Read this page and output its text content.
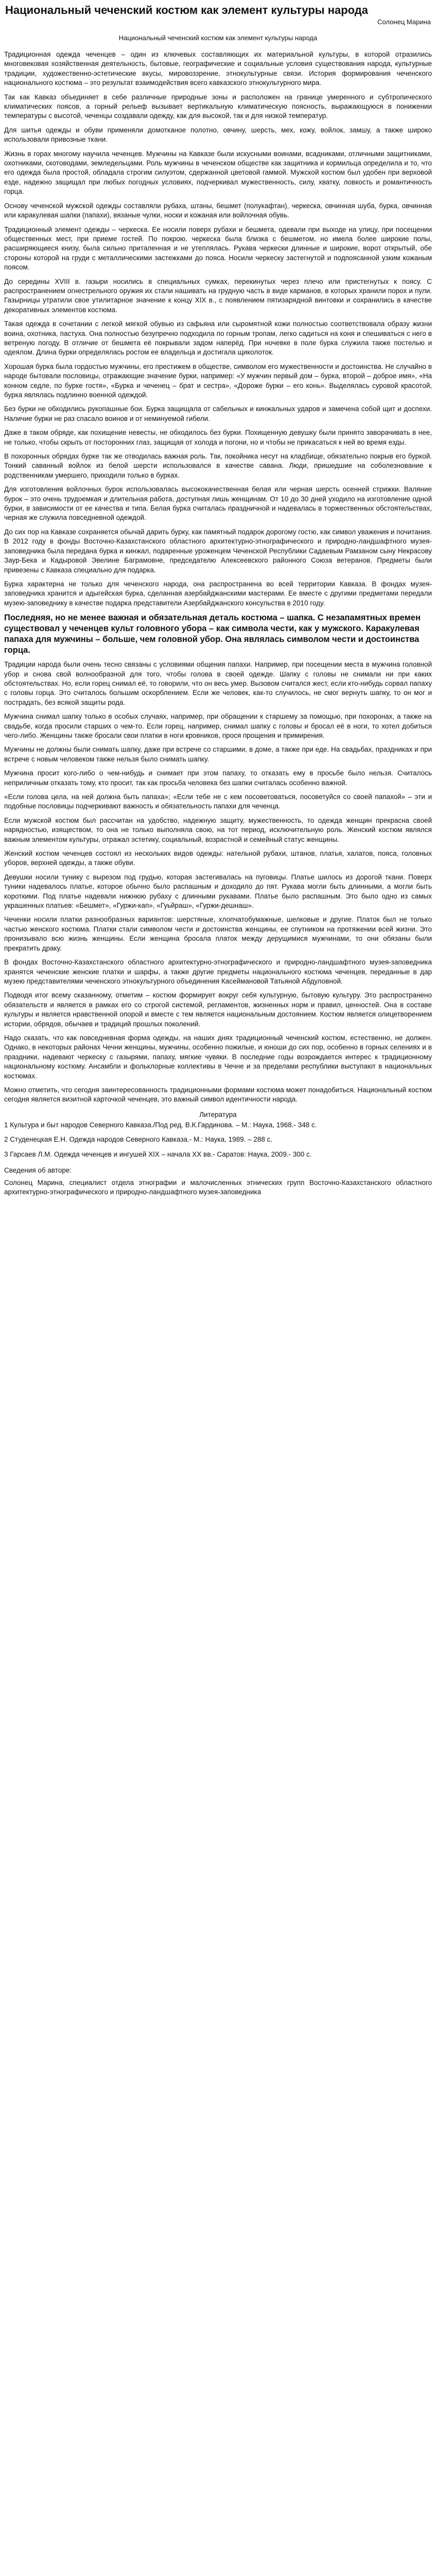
Национальный чеченский костюм как элемент культуры народа
Солонец Марина
Национальный чеченский костюм как элемент культуры народа

Традиционная одежда чеченцев – один из ключевых составляющих их материальной культуры, в которой отразились многовековая хозяйственная деятельность, бытовые, географические и социальные условия существования народа, культурные традиции, художественно-эстетические вкусы, мировоззрение, этнокультурные связи. История формирования чеченского национального костюма – это результат взаимодействия всего кавказского этнокультурного мира.

Так как Кавказ объединяет в себе различные природные зоны и расположен на границе умеренного и субтропического климатических поясов, а горный рельеф вызывает вертикальную климатическую поясность, выражающуюся в понижении температуры с высотой, чеченцы создавали одежду, как для высокой, так и для низкой температур.

Для шитья одежды и обуви применяли домотканое полотно, овчину, шерсть, мех, кожу, войлок, замшу, а также широко использовали привозные ткани.

Жизнь в горах многому научила чеченцев. Мужчины на Кавказе были искусными воинами, всадниками, отличными защитниками, охотниками, скотоводами, земледельцами. Роль мужчины в чеченском обществе как защитника и кормильца определила и то, что его одежда была простой, обладала строгим силуэтом, сдержанной цветовой гаммой. Мужской костюм был удобен при верховой езде, надежно защищал при любых погодных условиях, подчеркивал мужественность, силу, хватку, ловкость и романтичность горца.

Основу чеченской мужской одежды составляли рубаха, штаны, бешмет (полукафтан), черкеска, овчинная шуба, бурка, овчинная или каракулевая шапки (папахи), вязаные чулки, носки и кожаная или войлочная обувь.

Традиционный элемент одежды – черкеска. Ее носили поверх рубахи и бешмета, одевали при выходе на улицу, при посещении общественных мест, при приеме гостей. По покрою, черкеска была близка с бешметом, но имела более широкие полы, расширяющиеся книзу, была сильно приталенная и не утеплялась. Рукава черкески длинные и широкие, ворот открытый, обе стороны которой на груди с металлическими застежками до пояса. Носили черкеску застегнутой и подпоясанной узким кожаным поясом.

До середины XVIII в. газыри носились в специальных сумках, перекинутых через плечо или пристегнутых к поясу. С распространением огнестрельного оружия их стали нашивать на грудную часть в виде карманов, в которых хранили порох и пули. Газырницы утратили свое утилитарное значение к концу XIX в., с появлением пятизарядной винтовки и сохранились в качестве декоративных элементов костюма.

Такая одежда в сочетании с легкой мягкой обувью из сафьяна или сыромятной кожи полностью соответствовала образу жизни воина, охотника, пастуха. Она полностью безупречно подходила по горным тропам, легко садиться на коня и спешиваться с него в ветреную погоду. В отличие от бешмета её покрывали задом наперёд. При ночевке в поле бурка служила также постелью и одеялом. Длина бурки определялась ростом ее владельца и достигала щиколоток.

Хорошая бурка была гордостью мужчины, его престижем в обществе, символом его мужественности и достоинства. Не случайно в народе бытовали пословицы, отражающие значение бурки, например: «У мужчин первый дом – бурка, второй – доброе имя», «На конном седле, по бурке гостя», «Бурка и чеченец – брат и сестра», «Дороже бурки – его конь». Выделялась суровой красотой, бурка являлась подлинно военной одеждой.

Без бурки не обходились рукопашные бои. Бурка защищала от сабельных и кинжальных ударов и замечена собой щит и доспехи. Наличие бурки не раз спасало воинов и от неминуемой гибели.

Даже в таком обряде, как похищение невесты, не обходилось без бурки. Похищенную девушку были принято заворачивать в нее, не только, чтобы скрыть от посторонних глаз, защищая от холода и погони, но и чтобы не прикасаться к ней во время езды.

В похоронных обрядах бурке так же отводилась важная роль. Так, покойника несут на кладбище, обязательно покрыв его буркой. Тонкий саванный войлок из белой шерсти использовался в качестве савана. Люди, пришедшие на соболезнование к родственникам умершего, приходили только в бурках.

Для изготовления войлочных бурок использовалась высококачественная белая или черная шерсть осенней стрижки. Валяние бурок – это очень трудоемкая и длительная работа, доступная лишь женщинам. От 10 до 30 дней уходило на изготовление одной бурки, в зависимости от ее качества и типа. Белая бурка считалась праздничной и надевалась в торжественных обстоятельствах, черная же служила повседневной одеждой.

До сих пор на Кавказе сохраняется обычай дарить бурку, как памятный подарок дорогому гостю, как символ уважения и почитания. В 2012 году в фонды Восточно-Казахстанского областного архитектурно-этнографического и природно-ландшафтного музея-заповедника была передана бурка и кинжал, подаренные уроженцем Чеченской Республики Садаевым Рамзаном сыну Некрасову Заур-Бека и Кадыровой Эвелине Баграмовне, председателю Алексеевского районного Союза ветеранов. Предметы были привезены с Кавказа специально для подарка.

Бурка характерна не только для чеченского народа, она распространена во всей территории Кавказа. В фондах музея-заповедника хранится и адыгейская бурка, сделанная азербайджанскими мастерами. Ее вместе с другими предметами передали музею-заповеднику в качестве подарка представители Азербайджанского консульства в 2010 году.

Последняя, но не менее важная и обязательная деталь костюма – шапка. С незапамятных времен существовал у чеченцев культ головного убора – как символа чести, как у мужского. Каракулевая папаха для мужчины – больше, чем головной убор. Она являлась символом чести и достоинства горца.

Традиции народа были очень тесно связаны с условиями общения папахи. Например, при посещении места в мужчина головной убор и снова свой волнообразной для того, чтобы голова в своей одежде. Шапку с головы не снимали ни при каких обстоятельствах. Но, если горец снимал её, то говорили, что он весь умер. Вызовом считался жест, если кто-нибудь сорвал папаху с головы горца. Это считалось большим оскорблением. Если же человек, как-то случилось, не смог вернуть шапку, то он мог и пострадать, без всякой защиты рода.

Мужчина снимал шапку только в особых случаях, например, при обращении к старшему за помощью, при похоронах, а также на свадьбе, когда просили старших о чем-то. Если горец, например, снимал шапку с головы и бросал её в ноги, то хотел добиться чего-либо. Женщины также бросали свои платки в ноги кровников, прося прощения и примирения.

Мужчины не должны были снимать шапку, даже при встрече со старшими, в доме, а также при еде. На свадьбах, праздниках и при встрече с новым человеком также нельзя было снимать шапку.

Мужчина просит кого-либо о чем-нибудь и снимает при этом папаху, то отказать ему в просьбе было нельзя. Считалось неприличным отказать тому, кто просит, так как просьба человека без шапки считалась особенно важной.

«Если голова цела, на ней должна быть папаха»; «Если тебе не с кем посоветоваться, посоветуйся со своей папахой» – эти и подобные пословицы подчеркивают важность и обязательность папахи для чеченца.

Если мужской костюм был рассчитан на удобство, надежную защиту, мужественность, то одежда женщин прекрасна своей нарядностью, изяществом, то она не только выполняла свою, на тот период, исключительную роль. Женский костюм являлся важным элементом культуры, отражал эстетику, социальный, возрастной и семейный статус женщины.

Женский костюм чеченцев состоял из нескольких видов одежды: нательной рубахи, штанов, платья, халатов, пояса, головных уборов, верхней одежды, а также обуви.

Девушки носили тунику с вырезом под грудью, которая застегивалась на пуговицы. Платье шилось из дорогой ткани. Поверх туники надевалось платье, которое обычно было распашным и доходило до пят. Рукава могли быть длинными, а могли быть короткими. Под платье надевали нижнюю рубаху с длинными рукавами. Платье было распашным. Это было одно из самых украшенных платьев: «Бешмет», «Гуржи-кап», «Гуьйраш», «Гуржи-дешнаш».

Чеченки носили платки разнообразных вариантов: шерстяные, хлопчатобумажные, шелковые и другие. Платок был не только частью женского костюма. Платки стали символом чести и достоинства женщины, ее спутником на протяжении всей жизни. Это пронизывало всю жизнь женщины. Если женщина бросала платок между дерущимися мужчинами, то они обязаны были прекратить драку.

В фондах Восточно-Казахстанского областного архитектурно-этнографического и природно-ландшафтного музея-заповедника хранятся чеченские женские платки и шарфы, а также другие предметы национального костюма чеченцев, переданные в дар музею представителями чеченского этнокультурного объединения Касеймановой Татьяной Абдуловной.

Подводя итог всему сказанному, отметим – костюм формирует вокруг себя культурную, бытовую культуру. Это распространено обязательств и является в рамках его со строгой системой, регламентов, жизненных норм и правил, ценностей. Она в составе культуры и является нравственной опорой и вместе с тем является национальным достоянием. Костюм является олицетворением истории, обрядов, обычаев и традиций прошлых поколений.

Надо сказать, что как повседневная форма одежды, на наших днях традиционный чеченский костюм, естественно, не должен. Однако, в некоторых районах Чечни женщины, мужчины, особенно пожилые, и юноши до сих пор, особенно в горных селениях и в праздники, надевают черкеску с газырями, папаху, мягкие чувяки. В последние годы возрождается интерес к традиционному национальному костюму. Ансамбли и фольклорные коллективы в Чечне и за пределами республики выступают в национальных костюмах.

Можно отметить, что сегодня заинтересованность традиционными формами костюма может понадобиться. Национальный костюм сегодня является визитной карточкой чеченцев, это важный символ идентичности народа.

Литература

1 Культура и быт народов Северного Кавказа./Под ред. В.К.Гардинова. – М.: Наука, 1968.- 348 с.

2 Студенецкая Е.Н. Одежда народов Северного Кавказа.- М.: Наука, 1989. – 288 с.

3 Гарсаев Л.М. Одежда чеченцев и ингушей XIX – начала XX вв.- Саратов: Наука, 2009.- 300 с.

Сведения об авторе:

Солонец Марина, специалист отдела этнографии и малочисленных этнических групп Восточно-Казахстанского областного архитектурно-этнографического и природно-ландшафтного музея-заповедника
